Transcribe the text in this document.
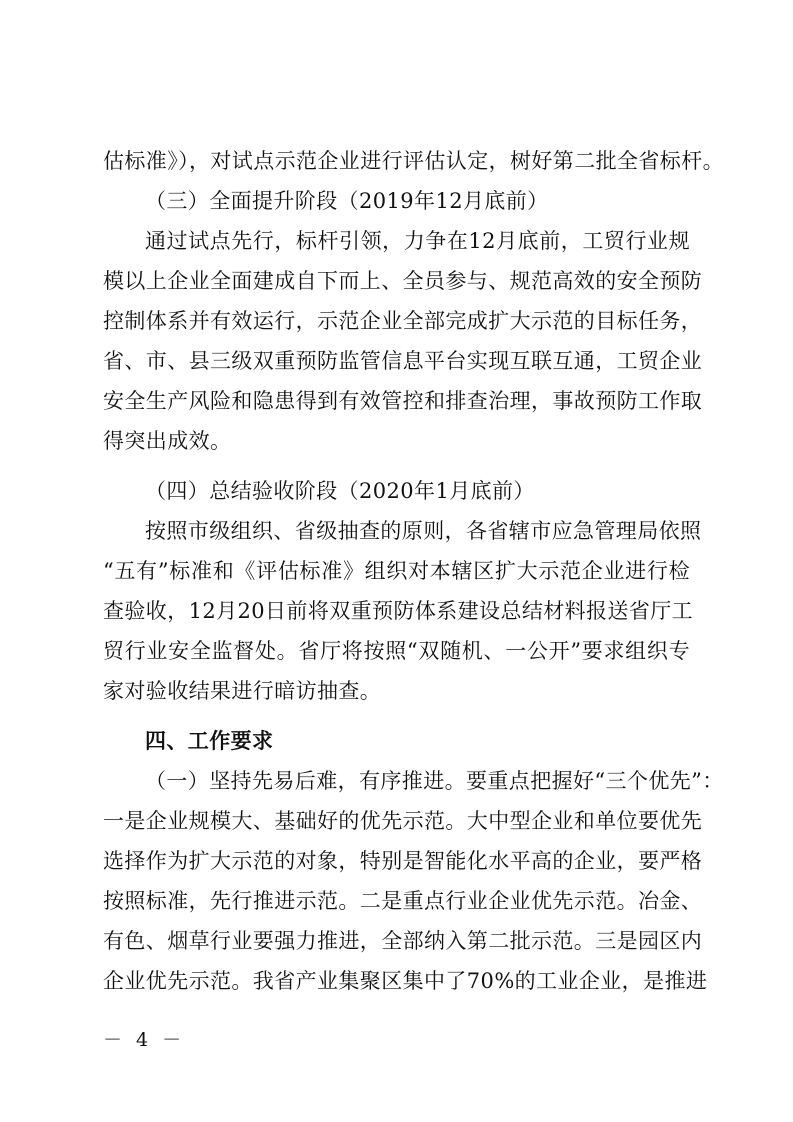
估标准》），对试点示范企业进行评估认定，树好第二批全省标杆。
（三）全面提升阶段（2019年12月底前）
通过试点先行，标杆引领，力争在12月底前，工贸行业规
模以上企业全面建成自下而上、全员参与、规范高效的安全预防
控制体系并有效运行，示范企业全部完成扩大示范的目标任务，
省、市、县三级双重预防监管信息平台实现互联互通，工贸企业
安全生产风险和隐患得到有效管控和排查治理，事故预防工作取
得突出成效。
（四）总结验收阶段（2020年1月底前）
按照市级组织、省级抽查的原则，各省辖市应急管理局依照
“五有”标准和《评估标准》组织对本辖区扩大示范企业进行检
查验收，12月20日前将双重预防体系建设总结材料报送省厅工
贸行业安全监督处。省厅将按照“双随机、一公开”要求组织专
家对验收结果进行暗访抽查。
四、工作要求
（一）坚持先易后难，有序推进。要重点把握好“三个优先”：
一是企业规模大、基础好的优先示范。大中型企业和单位要优先
选择作为扩大示范的对象，特别是智能化水平高的企业，要严格
按照标准，先行推进示范。二是重点行业企业优先示范。冶金、
有色、烟草行业要强力推进，全部纳入第二批示范。三是园区内
企业优先示范。我省产业集聚区集中了70%的工业企业，是推进
－ 4 －
